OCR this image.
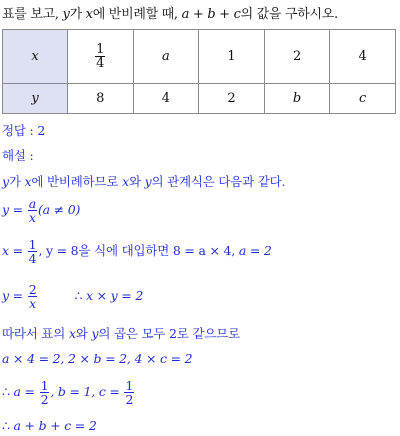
표를 보고, y가 x에 반비례할 때, a + b + c의 값을 구하시오.
x	$\frac{1}{4}$	a	1	2	4
y	8	4	2	b	c
정답 : 2
해설 :
y가 x에 반비례하므로 x와 y의 관계식은 다음과 같다.
$y = \frac{a}{x} (a \ne 0)$
$x = \frac{1}{4}$ , y = 8을 식에 대입하면 8 = a × 4, a = 2
$y = \frac{2}{x}$	∴ x × y = 2
따라서 표의 x와 y의 곱은 모두 2로 같으므로
a × 4 = 2, 2 × b = 2, 4 × c = 2
∴ $a = \frac{1}{2}$ , b = 1, $c = \frac{1}{2}$
∴ a + b + c = 2
